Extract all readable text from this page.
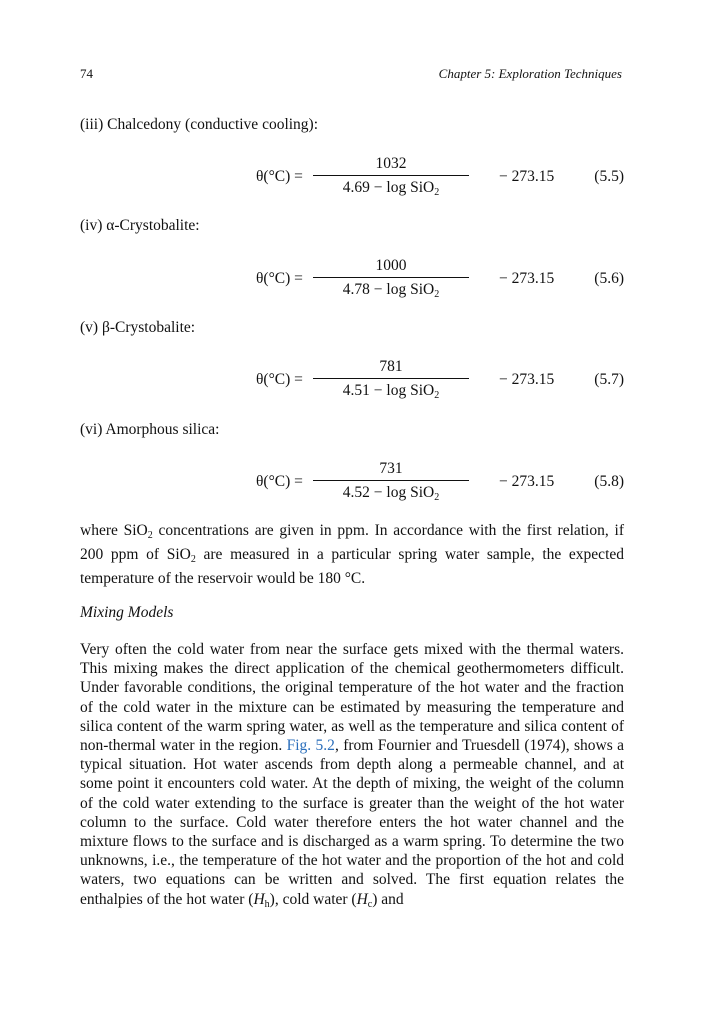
74	Chapter 5: Exploration Techniques
(iii) Chalcedony (conductive cooling):
θ(°C) =
1032
4.69 − log SiO$_2$
− 273.15	(5.5)
(iv) α-Crystobalite:
θ(°C) =
1000
4.78 − log SiO$_2$
− 273.15	(5.6)
(v) β-Crystobalite:
θ(°C) =
781
4.51 − log SiO$_2$
− 273.15	(5.7)
(vi) Amorphous silica:
θ(°C) =
731
4.52 − log SiO$_2$
− 273.15	(5.8)

where SiO$_2$ concentrations are given in ppm. In accordance with the first relation, if 200 ppm of SiO$_2$ are measured in a particular spring water sample, the expected temperature of the reservoir would be 180 °C.

Mixing Models

Very often the cold water from near the surface gets mixed with the thermal waters. This mixing makes the direct application of the chemical geothermometers difficult. Under favorable conditions, the original temperature of the hot water and the fraction of the cold water in the mixture can be estimated by measuring the temperature and silica content of the warm spring water, as well as the temperature and silica content of non-thermal water in the region. Fig. 5.2, from Fournier and Truesdell (1974), shows a typical situation. Hot water ascends from depth along a permeable channel, and at some point it encounters cold water. At the depth of mixing, the weight of the column of the cold water extending to the surface is greater than the weight of the hot water column to the surface. Cold water therefore enters the hot water channel and the mixture flows to the surface and is discharged as a warm spring. To determine the two unknowns, i.e., the temperature of the hot water and the proportion of the hot and cold waters, two equations can be written and solved. The first equation relates the enthalpies of the hot water $(H_h)$, cold water $(H_c)$ and
